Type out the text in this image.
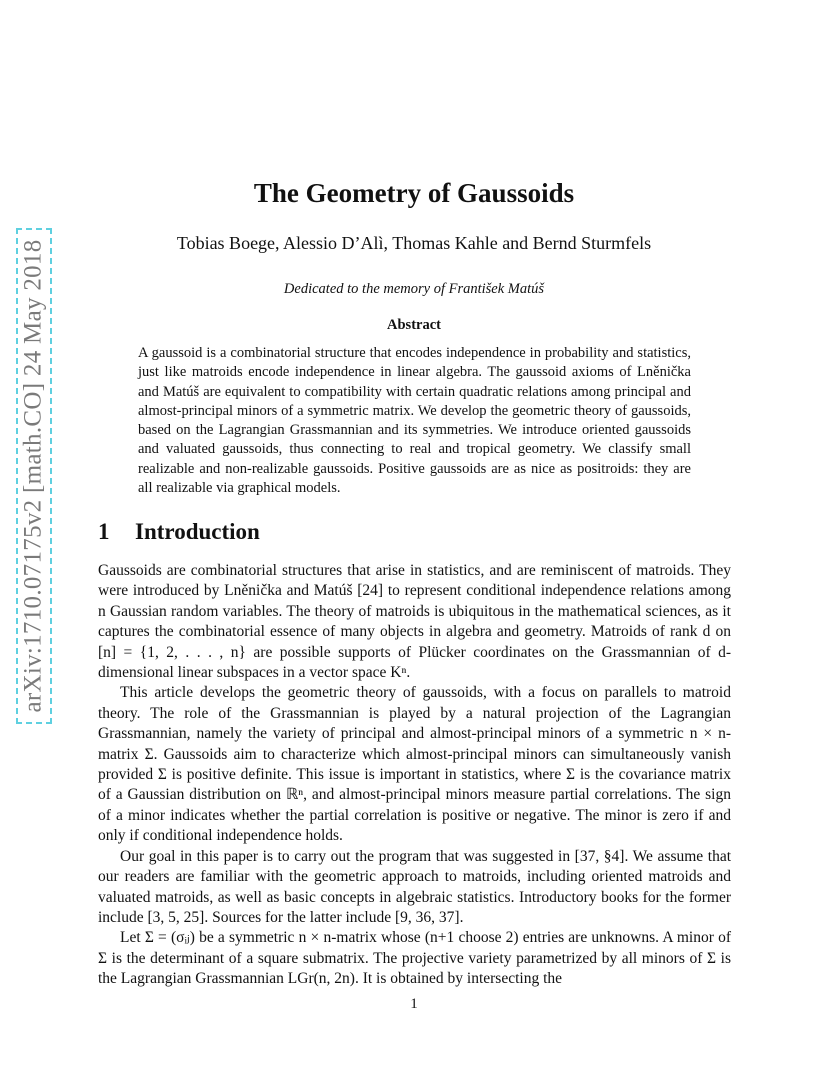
arXiv:1710.07175v2 [math.CO] 24 May 2018
The Geometry of Gaussoids
Tobias Boege, Alessio D’Alì, Thomas Kahle and Bernd Sturmfels
Dedicated to the memory of František Matúš
Abstract
A gaussoid is a combinatorial structure that encodes independence in probability and statistics, just like matroids encode independence in linear algebra. The gaussoid axioms of Lněnička and Matúš are equivalent to compatibility with certain quadratic relations among principal and almost-principal minors of a symmetric matrix. We develop the geometric theory of gaussoids, based on the Lagrangian Grassmannian and its symmetries. We introduce oriented gaussoids and valuated gaussoids, thus connecting to real and tropical geometry. We classify small realizable and non-realizable gaussoids. Positive gaussoids are as nice as positroids: they are all realizable via graphical models.
1 Introduction

Gaussoids are combinatorial structures that arise in statistics, and are reminiscent of matroids. They were introduced by Lněnička and Matúš [24] to represent conditional independence relations among n Gaussian random variables. The theory of matroids is ubiquitous in the mathematical sciences, as it captures the combinatorial essence of many objects in algebra and geometry. Matroids of rank d on [n] = {1, 2, . . . , n} are possible supports of Plücker coordinates on the Grassmannian of d-dimensional linear subspaces in a vector space Kⁿ.

This article develops the geometric theory of gaussoids, with a focus on parallels to matroid theory. The role of the Grassmannian is played by a natural projection of the Lagrangian Grassmannian, namely the variety of principal and almost-principal minors of a symmetric n × n-matrix Σ. Gaussoids aim to characterize which almost-principal minors can simultaneously vanish provided Σ is positive definite. This issue is important in statistics, where Σ is the covariance matrix of a Gaussian distribution on ℝⁿ, and almost-principal minors measure partial correlations. The sign of a minor indicates whether the partial correlation is positive or negative. The minor is zero if and only if conditional independence holds.

Our goal in this paper is to carry out the program that was suggested in [37, §4]. We assume that our readers are familiar with the geometric approach to matroids, including oriented matroids and valuated matroids, as well as basic concepts in algebraic statistics. Introductory books for the former include [3, 5, 25]. Sources for the latter include [9, 36, 37].

Let Σ = (σᵢⱼ) be a symmetric n × n-matrix whose (n+1 choose 2) entries are unknowns. A minor of Σ is the determinant of a square submatrix. The projective variety parametrized by all minors of Σ is the Lagrangian Grassmannian LGr(n, 2n). It is obtained by intersecting the

1
